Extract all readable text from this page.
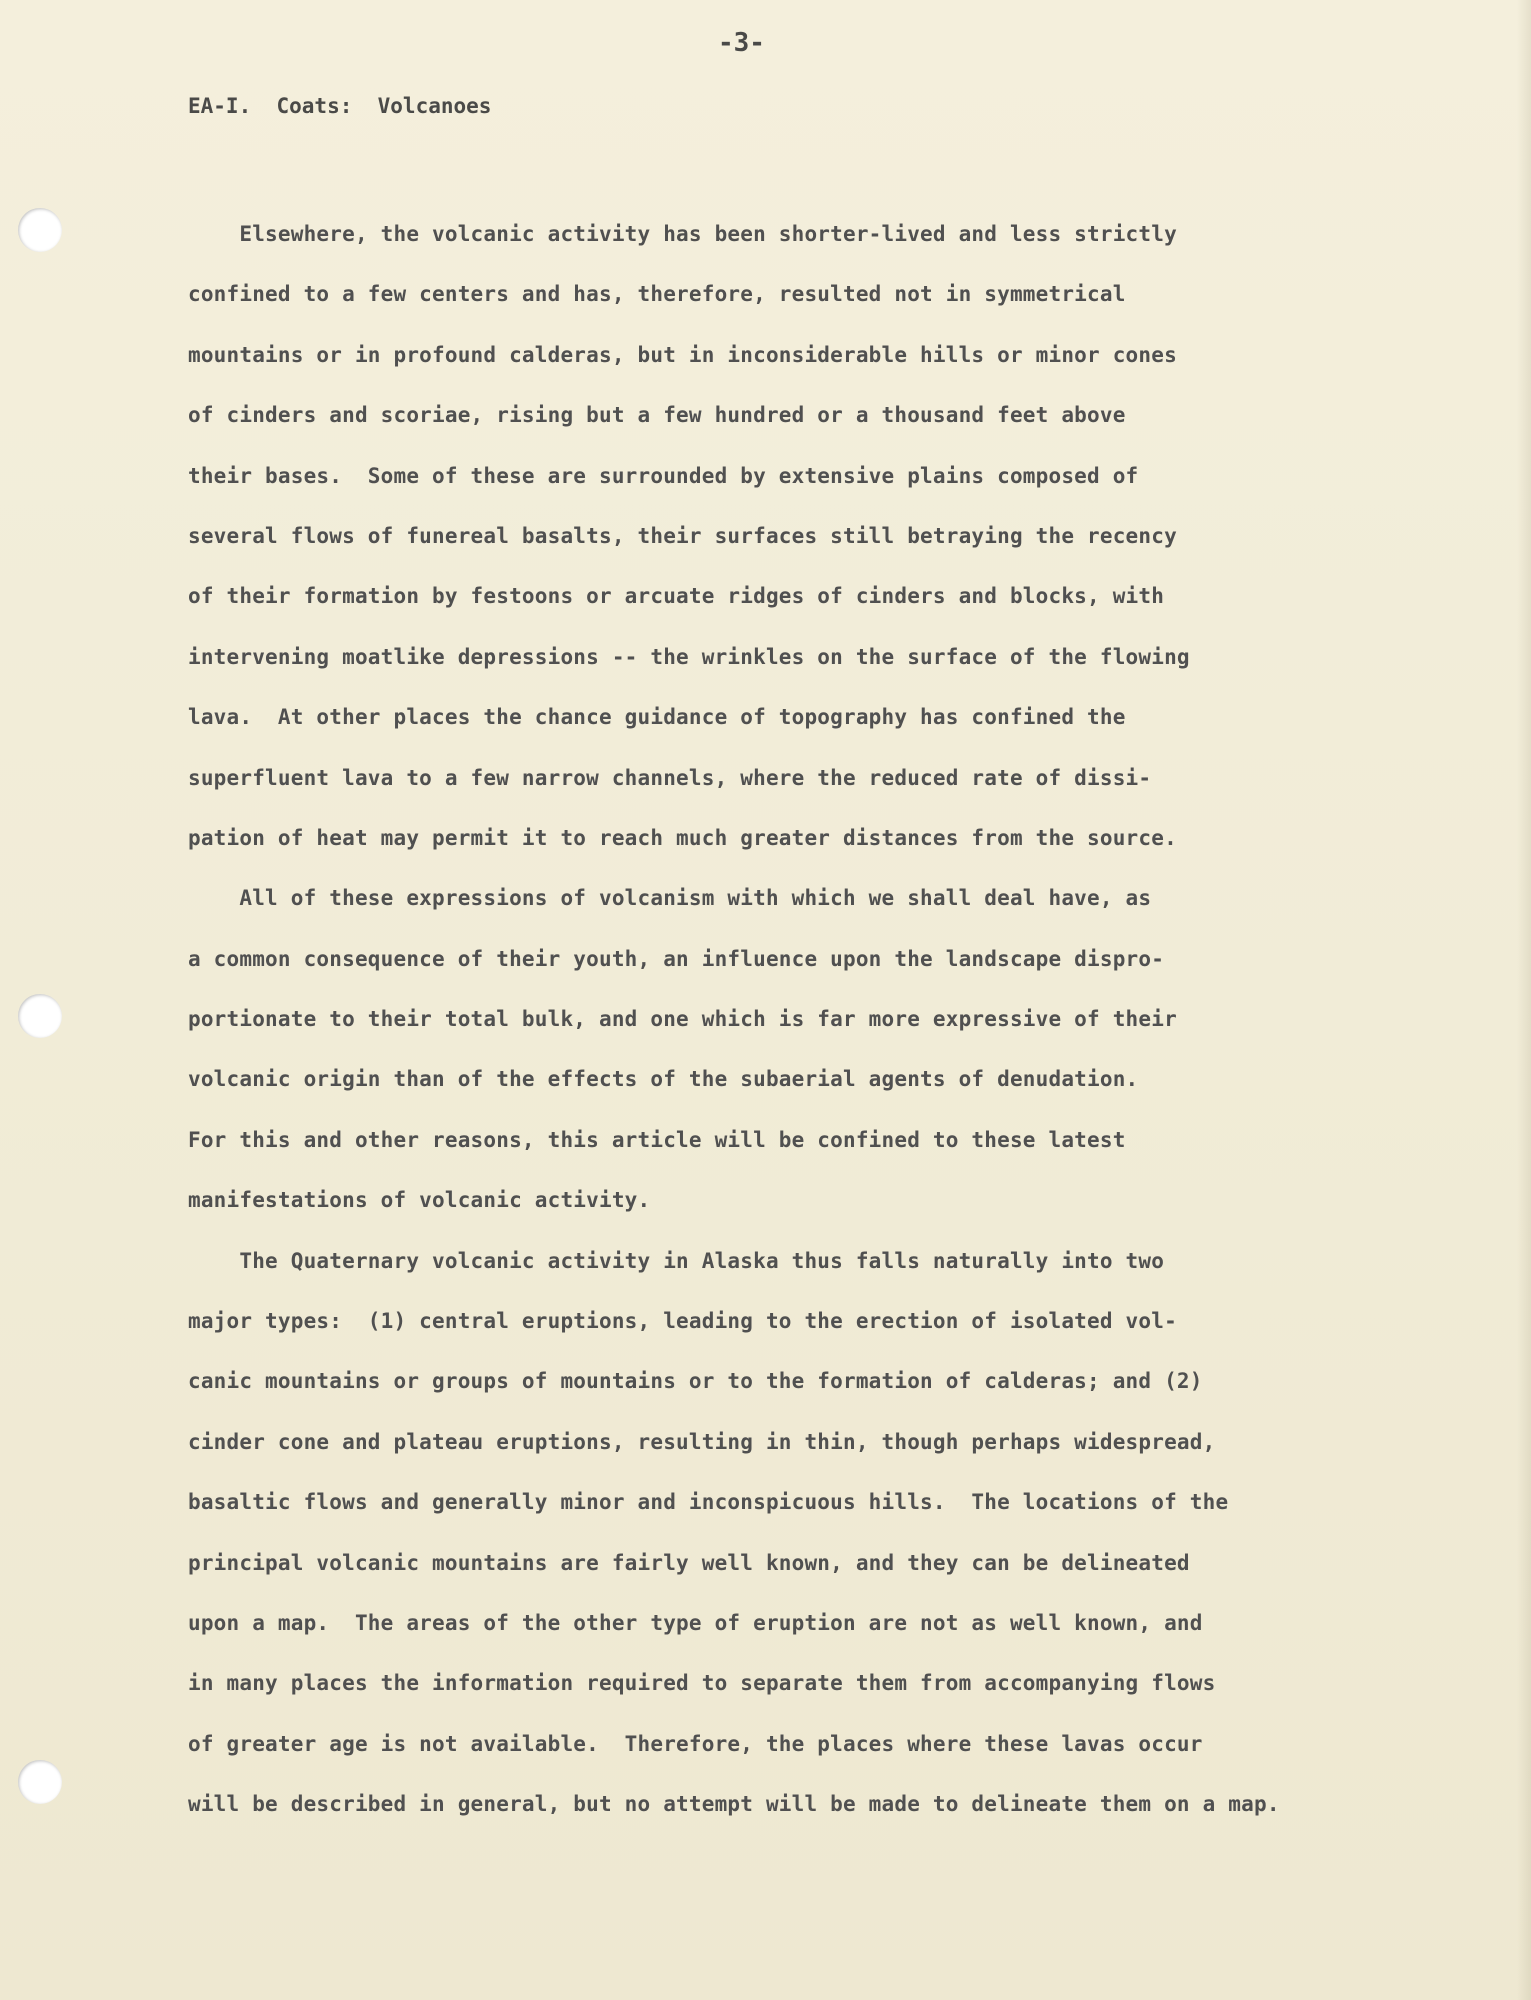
-3-
EA-I.  Coats:  Volcanoes
Elsewhere, the volcanic activity has been shorter-lived and less strictly
confined to a few centers and has, therefore, resulted not in symmetrical
mountains or in profound calderas, but in inconsiderable hills or minor cones
of cinders and scoriae, rising but a few hundred or a thousand feet above
their bases.  Some of these are surrounded by extensive plains composed of
several flows of funereal basalts, their surfaces still betraying the recency
of their formation by festoons or arcuate ridges of cinders and blocks, with
intervening moatlike depressions -- the wrinkles on the surface of the flowing
lava.  At other places the chance guidance of topography has confined the
superfluent lava to a few narrow channels, where the reduced rate of dissi-
pation of heat may permit it to reach much greater distances from the source.
All of these expressions of volcanism with which we shall deal have, as
a common consequence of their youth, an influence upon the landscape dispro-
portionate to their total bulk, and one which is far more expressive of their
volcanic origin than of the effects of the subaerial agents of denudation.
For this and other reasons, this article will be confined to these latest
manifestations of volcanic activity.
The Quaternary volcanic activity in Alaska thus falls naturally into two
major types:  (1) central eruptions, leading to the erection of isolated vol-
canic mountains or groups of mountains or to the formation of calderas; and (2)
cinder cone and plateau eruptions, resulting in thin, though perhaps widespread,
basaltic flows and generally minor and inconspicuous hills.  The locations of the
principal volcanic mountains are fairly well known, and they can be delineated
upon a map.  The areas of the other type of eruption are not as well known, and
in many places the information required to separate them from accompanying flows
of greater age is not available.  Therefore, the places where these lavas occur
will be described in general, but no attempt will be made to delineate them on a map.
